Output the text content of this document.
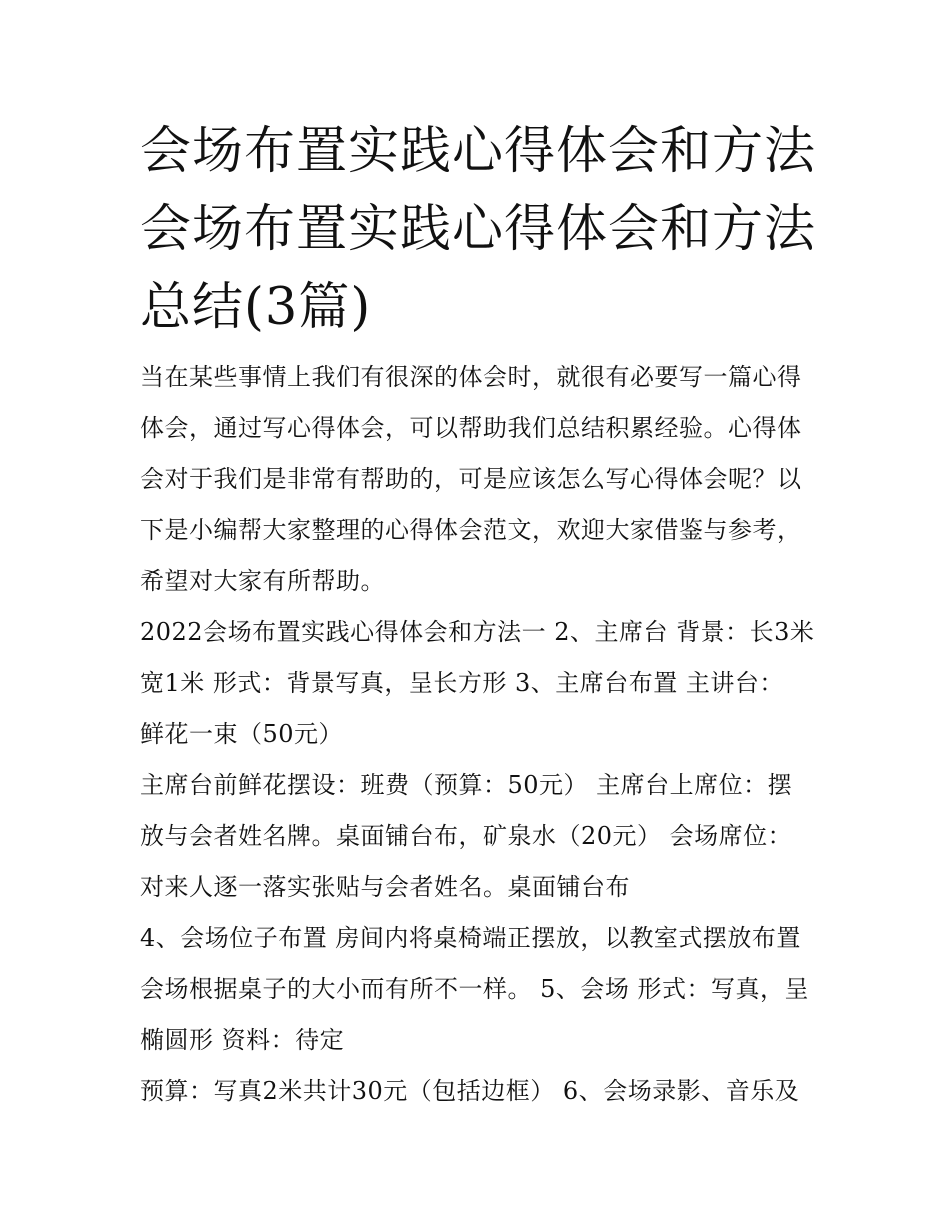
会场布置实践心得体会和方法
会场布置实践心得体会和方法
总结(3篇)

当在某些事情上我们有很深的体会时，就很有必要写一篇心得
体会，通过写心得体会，可以帮助我们总结积累经验。心得体
会对于我们是非常有帮助的，可是应该怎么写心得体会呢？以
下是小编帮大家整理的心得体会范文，欢迎大家借鉴与参考，
希望对大家有所帮助。

2022会场布置实践心得体会和方法一 2、主席台 背景：长3米
宽1米 形式：背景写真，呈长方形 3、主席台布置 主讲台：
鲜花一束（50元）

主席台前鲜花摆设：班费（预算：50元） 主席台上席位：摆
放与会者姓名牌。桌面铺台布，矿泉水（20元） 会场席位：
对来人逐一落实张贴与会者姓名。桌面铺台布

4、会场位子布置 房间内将桌椅端正摆放，以教室式摆放布置
会场根据桌子的大小而有所不一样。 5、会场 形式：写真，呈
椭圆形 资料：待定

预算：写真2米共计30元（包括边框） 6、会场录影、音乐及
